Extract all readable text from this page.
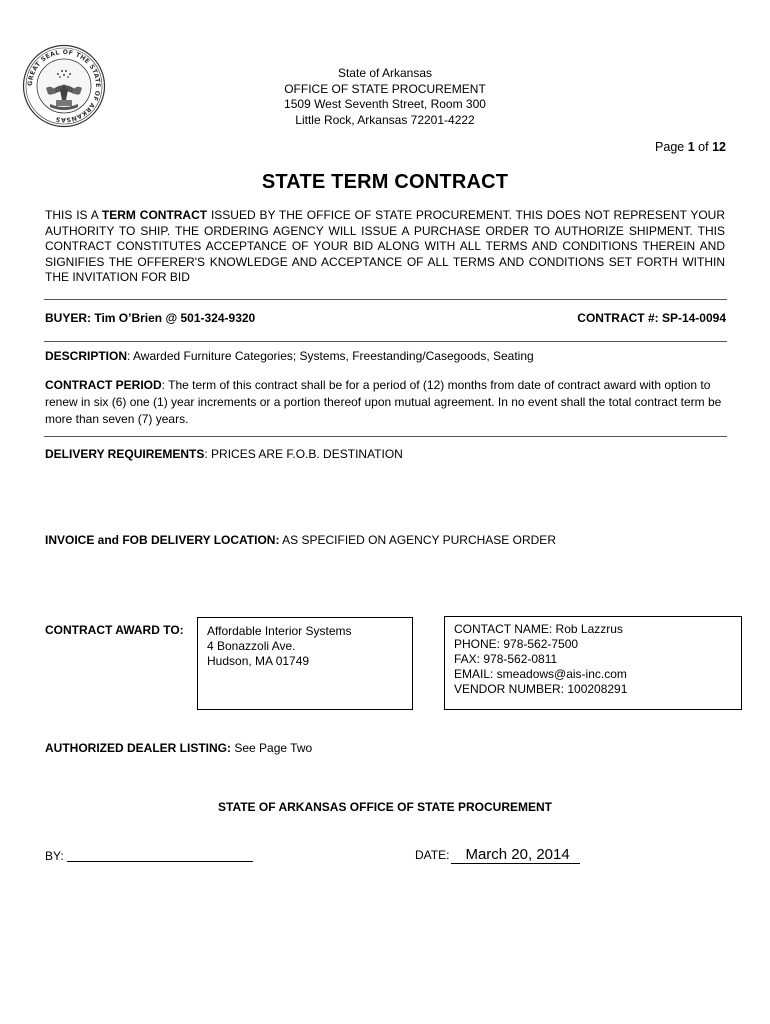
GREAT SEAL OF THE STATE OF ARKANSAS
State of Arkansas
OFFICE OF STATE PROCUREMENT
1509 West Seventh Street, Room 300
Little Rock, Arkansas 72201-4222
Page 1 of 12
STATE TERM CONTRACT
THIS IS A TERM CONTRACT ISSUED BY THE OFFICE OF STATE PROCUREMENT. THIS DOES NOT REPRESENT YOUR AUTHORITY TO SHIP. THE ORDERING AGENCY WILL ISSUE A PURCHASE ORDER TO AUTHORIZE SHIPMENT. THIS CONTRACT CONSTITUTES ACCEPTANCE OF YOUR BID ALONG WITH ALL TERMS AND CONDITIONS THEREIN AND SIGNIFIES THE OFFERER'S KNOWLEDGE AND ACCEPTANCE OF ALL TERMS AND CONDITIONS SET FORTH WITHIN THE INVITATION FOR BID
BUYER: Tim O’Brien @ 501-324-9320	CONTRACT #: SP-14-0094
DESCRIPTION: Awarded Furniture Categories; Systems, Freestanding/Casegoods, Seating
CONTRACT PERIOD: The term of this contract shall be for a period of (12) months from date of contract award with option to renew in six (6) one (1) year increments or a portion thereof upon mutual agreement. In no event shall the total contract term be more than seven (7) years.
DELIVERY REQUIREMENTS: PRICES ARE F.O.B. DESTINATION
INVOICE and FOB DELIVERY LOCATION: AS SPECIFIED ON AGENCY PURCHASE ORDER
CONTRACT AWARD TO: Affordable Interior Systems
4 Bonazzoli Ave.
Hudson, MA 01749
CONTACT NAME: Rob Lazzrus
PHONE: 978-562-7500
FAX: 978-562-0811
EMAIL: smeadows@ais-inc.com
VENDOR NUMBER: 100208291
AUTHORIZED DEALER LISTING: See Page Two
STATE OF ARKANSAS OFFICE OF STATE PROCUREMENT
BY:	DATE: March 20, 2014
